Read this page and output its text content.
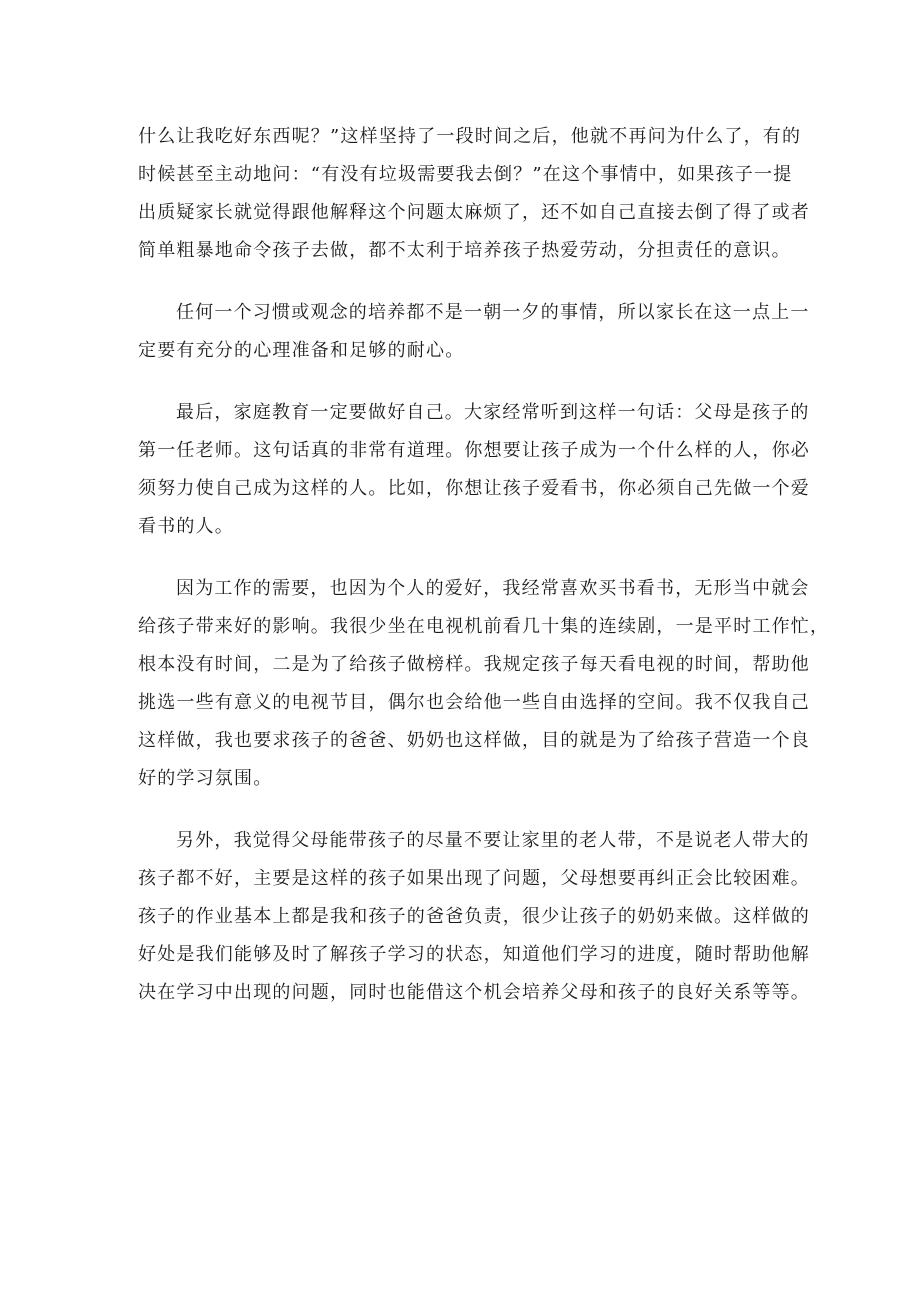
什么让我吃好东西呢？”这样坚持了一段时间之后，他就不再问为什么了，有的
时候甚至主动地问：“有没有垃圾需要我去倒？”在这个事情中，如果孩子一提
出质疑家长就觉得跟他解释这个问题太麻烦了，还不如自己直接去倒了得了或者
简单粗暴地命令孩子去做，都不太利于培养孩子热爱劳动，分担责任的意识。

任何一个习惯或观念的培养都不是一朝一夕的事情，所以家长在这一点上一
定要有充分的心理准备和足够的耐心。

最后，家庭教育一定要做好自己。大家经常听到这样一句话：父母是孩子的
第一任老师。这句话真的非常有道理。你想要让孩子成为一个什么样的人，你必
须努力使自己成为这样的人。比如，你想让孩子爱看书，你必须自己先做一个爱
看书的人。

因为工作的需要，也因为个人的爱好，我经常喜欢买书看书，无形当中就会
给孩子带来好的影响。我很少坐在电视机前看几十集的连续剧，一是平时工作忙，
根本没有时间，二是为了给孩子做榜样。我规定孩子每天看电视的时间，帮助他
挑选一些有意义的电视节目，偶尔也会给他一些自由选择的空间。我不仅我自己
这样做，我也要求孩子的爸爸、奶奶也这样做，目的就是为了给孩子营造一个良
好的学习氛围。

另外，我觉得父母能带孩子的尽量不要让家里的老人带，不是说老人带大的
孩子都不好，主要是这样的孩子如果出现了问题，父母想要再纠正会比较困难。
孩子的作业基本上都是我和孩子的爸爸负责，很少让孩子的奶奶来做。这样做的
好处是我们能够及时了解孩子学习的状态，知道他们学习的进度，随时帮助他解
决在学习中出现的问题，同时也能借这个机会培养父母和孩子的良好关系等等。
